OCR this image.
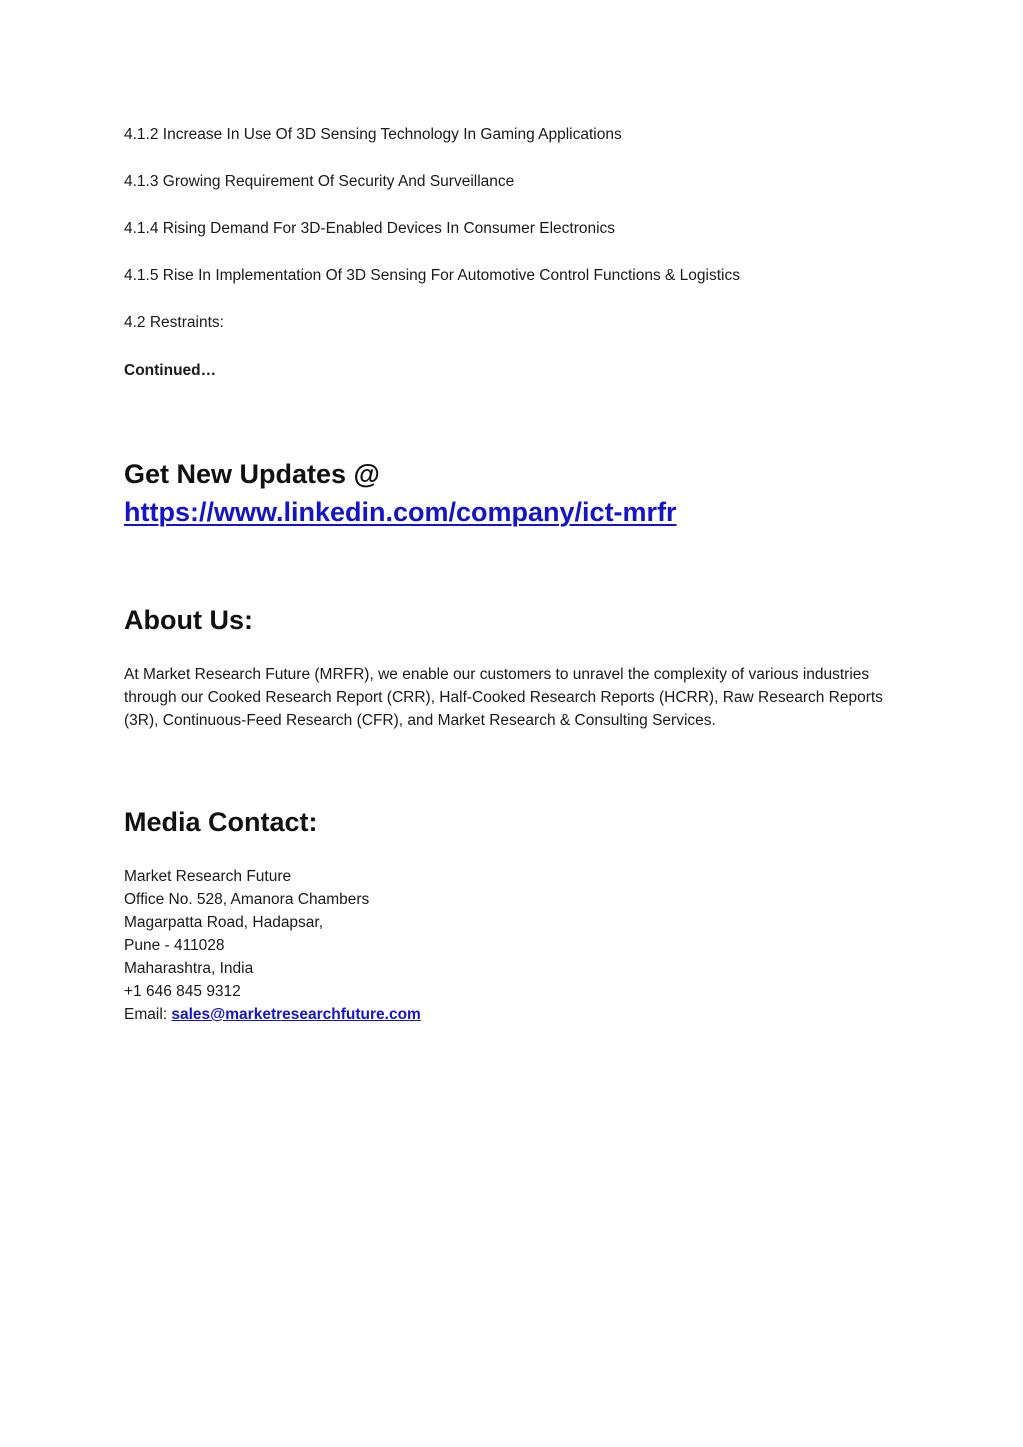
4.1.2 Increase In Use Of 3D Sensing Technology In Gaming Applications

4.1.3 Growing Requirement Of Security And Surveillance

4.1.4 Rising Demand For 3D-Enabled Devices In Consumer Electronics

4.1.5 Rise In Implementation Of 3D Sensing For Automotive Control Functions & Logistics

4.2 Restraints:

Continued…

Get New Updates @
https://www.linkedin.com/company/ict-mrfr
About Us:

At Market Research Future (MRFR), we enable our customers to unravel the complexity of various industries through our Cooked Research Report (CRR), Half-Cooked Research Reports (HCRR), Raw Research Reports (3R), Continuous-Feed Research (CFR), and Market Research & Consulting Services.

Media Contact:
Market Research Future
Office No. 528, Amanora Chambers
Magarpatta Road, Hadapsar,
Pune - 411028
Maharashtra, India
+1 646 845 9312
Email: sales@marketresearchfuture.com
